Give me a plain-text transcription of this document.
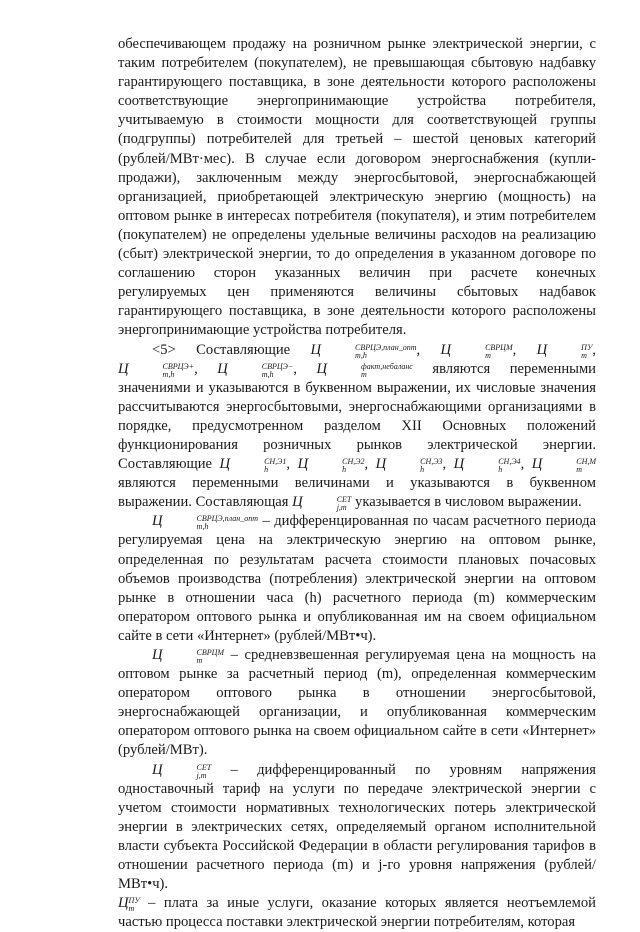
обеспечивающем продажу на розничном рынке электрической энергии, с таким потребителем (покупателем), не превышающая сбытовую надбавку гарантирующего поставщика, в зоне деятельности которого расположены соответствующие энергопринимающие устройства потребителя, учитываемую в стоимости мощности для соответствующей группы (подгруппы) потребителей для третьей – шестой ценовых категорий (рублей/МВт·мес). В случае если договором энергоснабжения (купли-продажи), заключенным между энергосбытовой, энергоснабжающей организацией, приобретающей электрическую энергию (мощность) на оптовом рынке в интересах потребителя (покупателя), и этим потребителем (покупателем) не определены удельные величины расходов на реализацию (сбыт) электрической энергии, то до определения в указанном договоре по соглашению сторон указанных величин при расчете конечных регулируемых цен применяются величины сбытовых надбавок гарантирующего поставщика, в зоне деятельности которого расположены энергопринимающие устройства потребителя.

<5> Составляющие Ц	СВРЦЭ,план_опт
m,h	, Ц	СВРЦМ
m	, Ц	ПУ
m , Ц	СВРЦЭ+
m,h	, Ц	СВРЦЭ−
m,h	, Ц	факт,небаланс
m	являются переменными значениями и указываются в буквенном выражении, их числовые значения рассчитываются энергосбытовыми, энергоснабжающими организациями в порядке, предусмотренном разделом XII Основных положений функционирования розничных рынков электрической энергии. Составляющие Ц	СН,Э1
h	, Ц	СН,Э2
h	, Ц	СН,Э3
h	, Ц	СН,Э4
h	, Ц	СН,М
m
являются переменными величинами и указываются в буквенном выражении. Составляющая Ц	СЕТ
j,m указывается в числовом выражении.

Ц	СВРЦЭ,план_опт
m,h	– дифференцированная по часам расчетного периода регулируемая цена на электрическую энергию на оптовом рынке, определенная по результатам расчета стоимости плановых почасовых объемов производства (потребления) электрической энергии на оптовом рынке в отношении часа (h) расчетного периода (m) коммерческим оператором оптового рынка и опубликованная им на своем официальном сайте в сети «Интернет» (рублей/МВт•ч).

Ц	СВРЦМ
m	– средневзвешенная регулируемая цена на мощность на оптовом рынке за расчетный период (m), определенная коммерческим оператором оптового рынка в отношении энергосбытовой, энергоснабжающей организации, и опубликованная коммерческим оператором оптового рынка на своем официальном сайте в сети «Интернет» (рублей/МВт).

Ц	СЕТ
j,m	– дифференцированный по уровням напряжения одноставочный тариф на услуги по передаче электрической энергии с учетом стоимости нормативных технологических потерь электрической энергии в электрических сетях, определяемый органом исполнительной власти субъекта Российской Федерации в области регулирования тарифов в отношении расчетного периода (m) и j-го уровня напряжения (рублей/МВт•ч).

Ц ПУ
m – плата за иные услуги, оказание которых является неотъемлемой частью процесса поставки электрической энергии потребителям, которая
